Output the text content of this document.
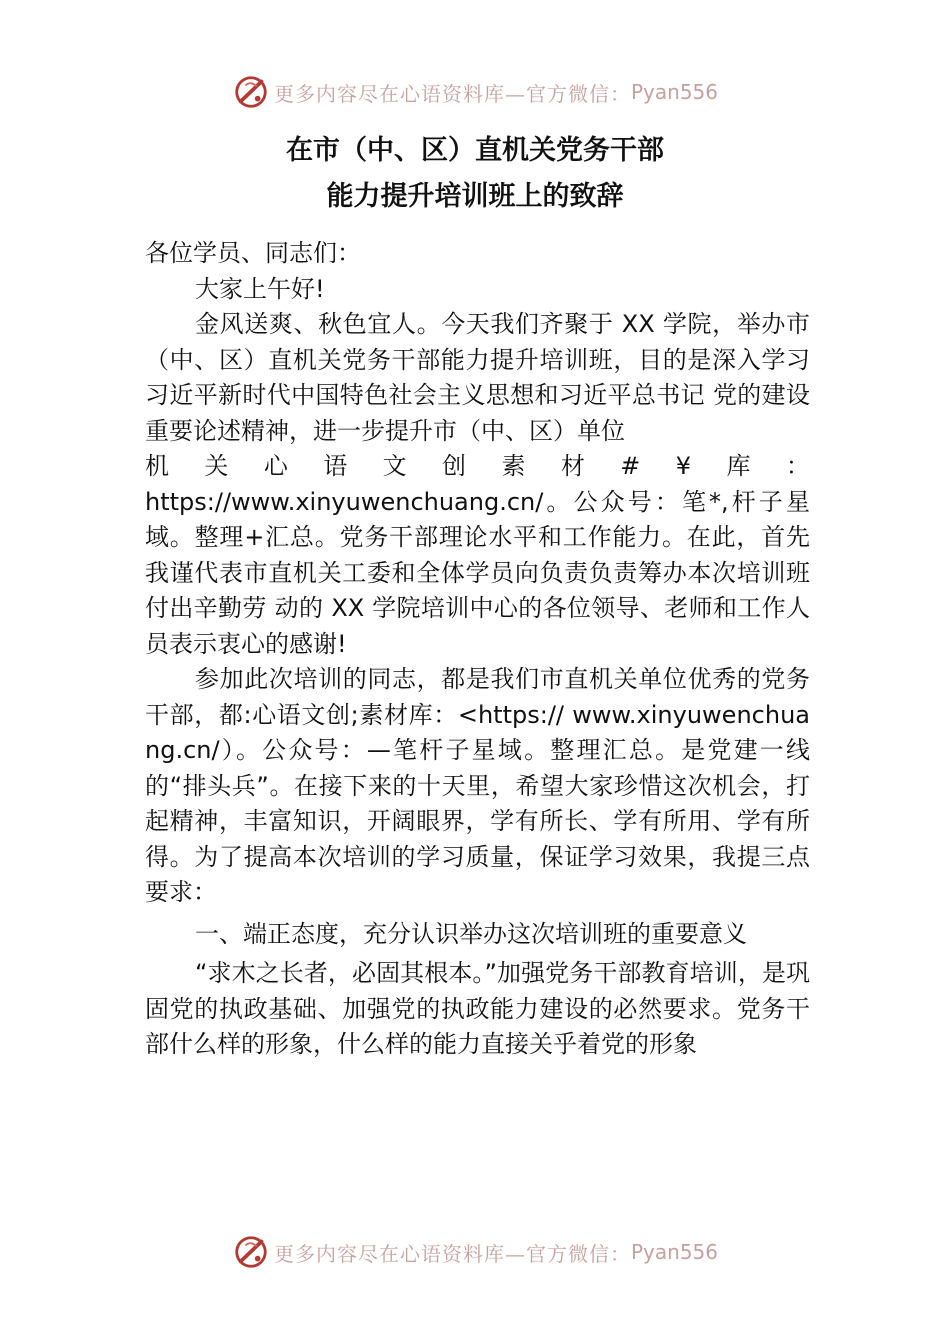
更多内容尽在心语资料库—官方微信： Pyan556
在市（中、区）直机关党务干部
能力提升培训班上的致辞

各位学员、同志们：

大家上午好!

金风送爽、秋色宜人。今天我们齐聚于 XX 学院，举办市（中、区）直机关党务干部能力提升培训班，目的是深入学习习近平新时代中国特色社会主义思想和习近平总书记 党的建设重要论述精神，进一步提升市（中、区）单位

机 关 心 语 文 创 素 材 # ¥ 库 ：

https://www.xinyuwenchuang.cn/。公众号：笔*,杆子星域。整理+汇总。党务干部理论水平和工作能力。在此，首先我谨代表市直机关工委和全体学员向负责负责筹办本次培训班付出辛勤劳 动的 XX 学院培训中心的各位领导、老师和工作人员表示衷心的感谢!

参加此次培训的同志，都是我们市直机关单位优秀的党务干部，都:心语文创;素材库：<https:// www.xinyuwenchuang.cn/）。公众号：—笔杆子星域。整理汇总。是党建一线的“排头兵”。在接下来的十天里，希望大家珍惜这次机会，打起精神，丰富知识，开阔眼界，学有所长、学有所用、学有所得。为了提高本次培训的学习质量，保证学习效果，我提三点要求：

一、端正态度，充分认识举办这次培训班的重要意义

“求木之长者，必固其根本。”加强党务干部教育培训，是巩固党的执政基础、加强党的执政能力建设的必然要求。党务干部什么样的形象，什么样的能力直接关乎着党的形象

更多内容尽在心语资料库—官方微信： Pyan556
